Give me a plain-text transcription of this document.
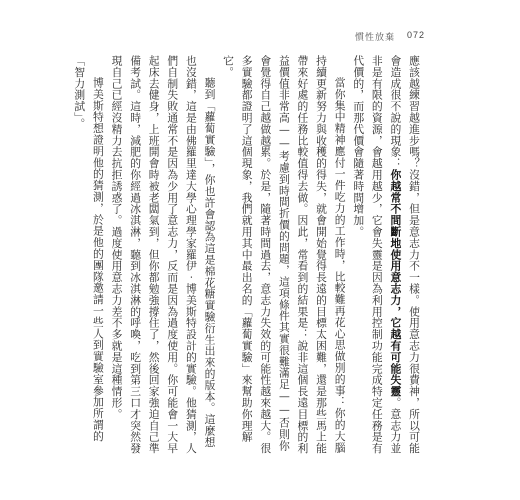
慣性放棄 072

應該越練習越進步嗎？沒錯，但是意志力不一樣。使用意志力很費神，所以可能會造成很不說的現象：你越常不間斷地使用意志力，它越有可能失靈。意志力並非是有限的資源，會越用越少，它會失靈是因為利用控制功能完成特定任務是有代價的，而那代價會隨著時間增加。

當你集中精神應付一件吃力的工作時，比較難再花心思做別的事：你的大腦持續更新努力與收穫的得失，就會開始覺得長遠的目標太困難，還是那些馬上能帶來好處的任務比較值得去做。因此，常看到的結果是：說非這個長遠目標的利益價值非常高——考慮到時間折價的問題，這項條件其實很難滿足——否則你會覺得自己越做越累。於是，隨著時間過去，意志力失效的可能性越來越大。很多實驗都證明了這個現象，我們就用其中最出名的「蘿蔔實驗」來幫助你理解它。

聽到「蘿蔔實驗」，你也許會認為這是棉花糖實驗衍生出來的版本。這麼想也沒錯，這是由佛羅里達大學心理學家羅伊‧博美斯特設計的實驗。他猜測，人們自制失敗通常不是因為少用了意志力，反而是因為過度使用。你可能會一大早起床去健身，上班開會時被老闆氣到，但你都勉強撐住了，然後回家強迫自己準備考試。這時，減肥的你經過冰淇淋，聽到冰淇淋的呼喚，吃到第三口才突然發現自己已經沒精力去抗拒誘惑了。過度使用意志力差不多就是這種情形。

博美斯特想證明他的猜測，於是他的團隊邀請一些人到實驗室參加所謂的「智力測試」。
